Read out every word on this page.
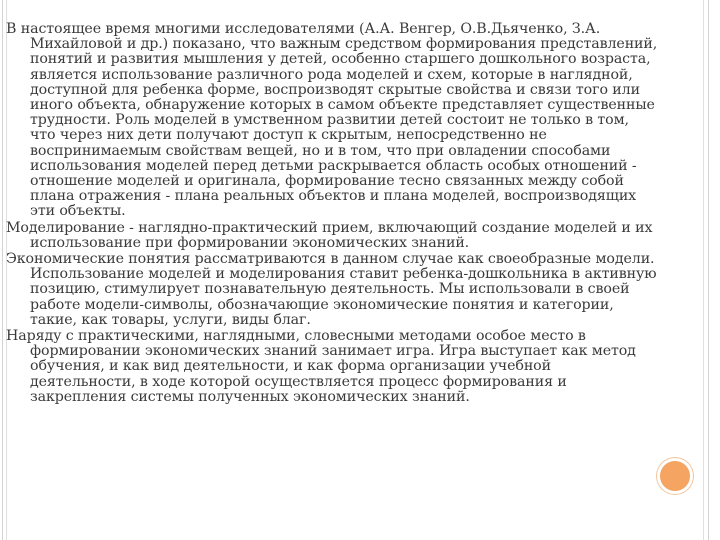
В настоящее время многими исследователями (А.А. Венгер, О.В.Дьяченко, З.А. Михайловой и др.) показано, что важным средством формирования представлений, понятий и развития мышления у детей, особенно старшего дошкольного возраста, является использование различного рода моделей и схем, которые в наглядной, доступной для ребенка форме, воспроизводят скрытые свойства и связи того или иного объекта, обнаружение которых в самом объекте представляет существенные трудности. Роль моделей в умственном развитии детей состоит не только в том, что через них дети получают доступ к скрытым, непосредственно не воспринимаемым свойствам вещей, но и в том, что при овладении способами использования моделей перед детьми раскрывается область особых отношений - отношение моделей и оригинала, формирование тесно связанных между собой плана отражения - плана реальных объектов и плана моделей, воспроизводящих эти объекты.

Моделирование - наглядно-практический прием, включающий создание моделей и их использование при формировании экономических знаний.

Экономические понятия рассматриваются в данном случае как своеобразные модели. Использование моделей и моделирования ставит ребенка-дошкольника в активную позицию, стимулирует познавательную деятельность. Мы использовали в своей работе модели-символы, обозначающие экономические понятия и категории, такие, как товары, услуги, виды благ.

Наряду с практическими, наглядными, словесными методами особое место в формировании экономических знаний занимает игра. Игра выступает как метод обучения, и как вид деятельности, и как форма организации учебной деятельности, в ходе которой осуществляется процесс формирования и закрепления системы полученных экономических знаний.
